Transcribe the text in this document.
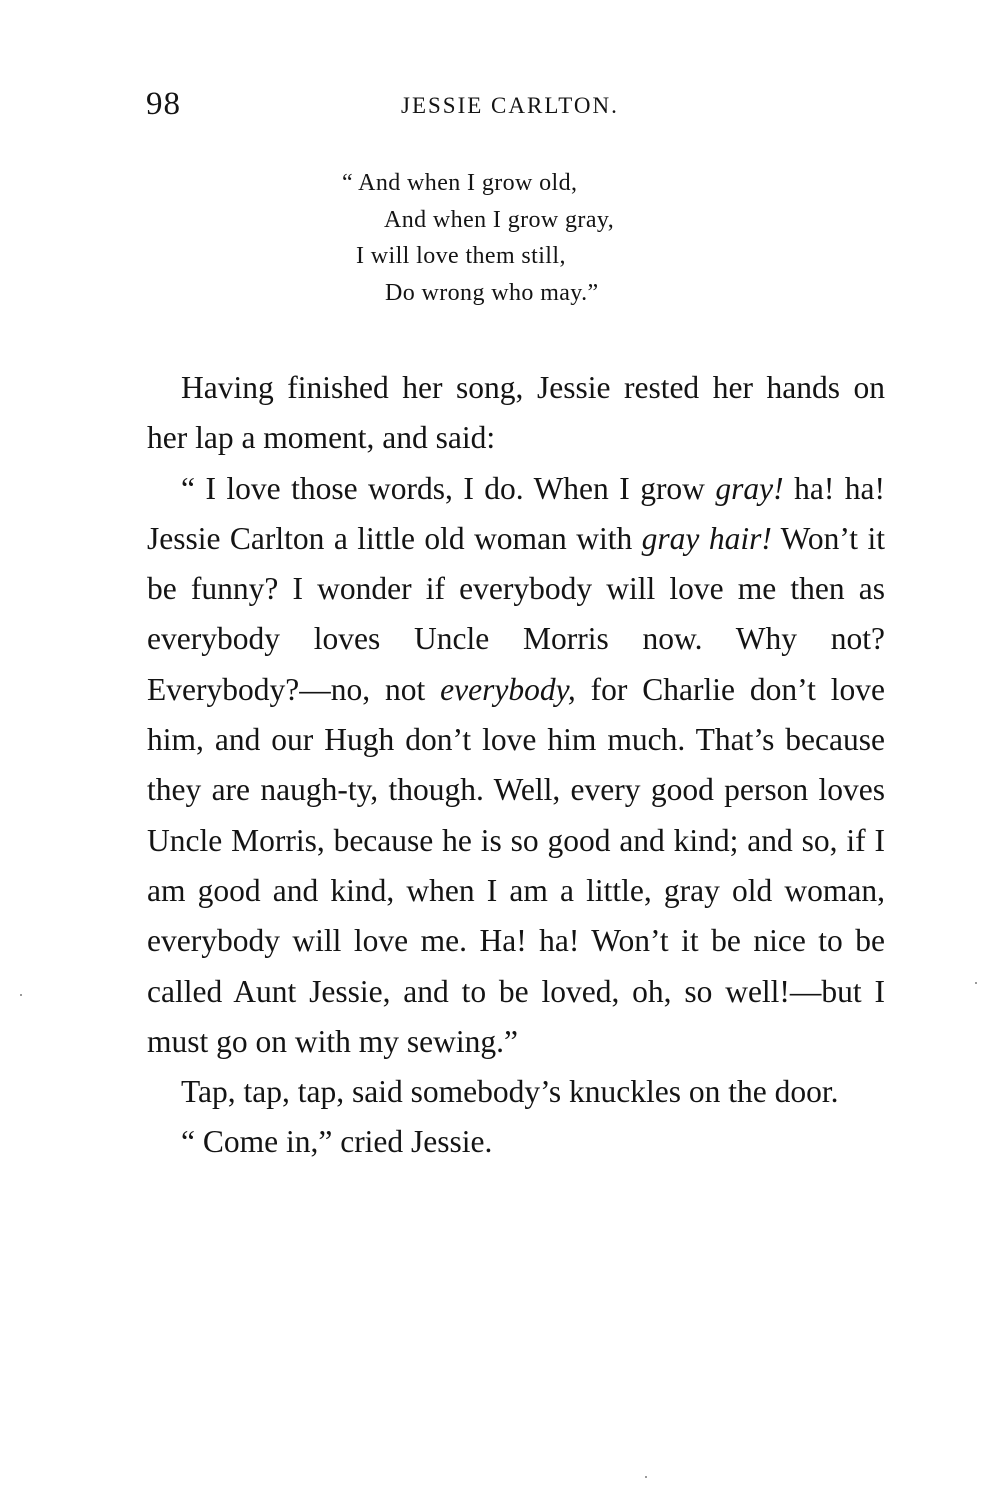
98	JESSIE CARLTON.
“ And when I grow old,
And when I grow gray,
I will love them still,
Do wrong who may.”

Having finished her song, Jessie rested her hands on her lap a moment, and said:

“ I love those words, I do. When I grow gray! ha! ha! Jessie Carlton a little old woman with gray hair! Won’t it be funny? I wonder if everybody will love me then as everybody loves Uncle Morris now. Why not? Everybody?—no, not everybody, for Charlie don’t love him, and our Hugh don’t love him much. That’s because they are naugh-ty, though. Well, every good person loves Uncle Morris, because he is so good and kind; and so, if I am good and kind, when I am a little, gray old woman, everybody will love me. Ha! ha! Won’t it be nice to be called Aunt Jessie, and to be loved, oh, so well!—but I must go on with my sewing.”

Tap, tap, tap, said somebody’s knuckles on the door.

“ Come in,” cried Jessie.
